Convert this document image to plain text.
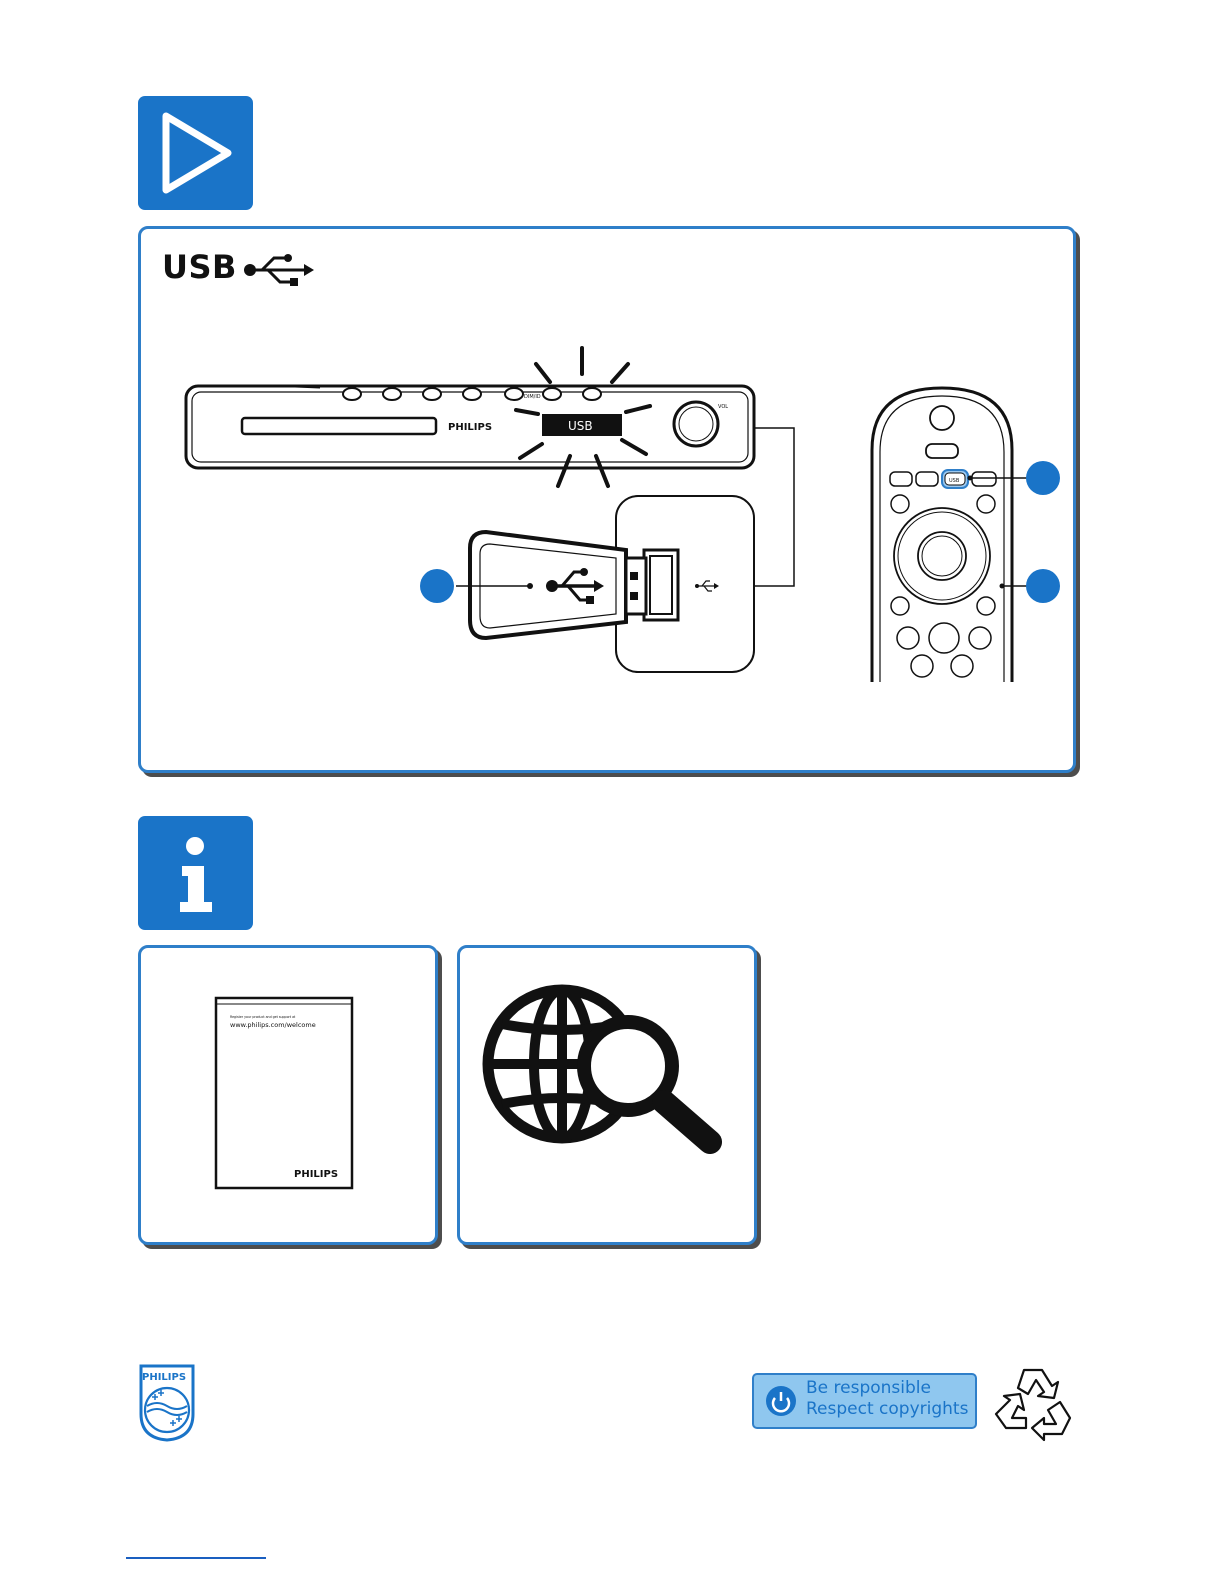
USB
DIM/ID
PHILIPS	USB
VOL
USB
Register your product and get support at
www.philips.com/welcome
PHILIPS
PHILIPS
Be responsible
Respect copyrights
